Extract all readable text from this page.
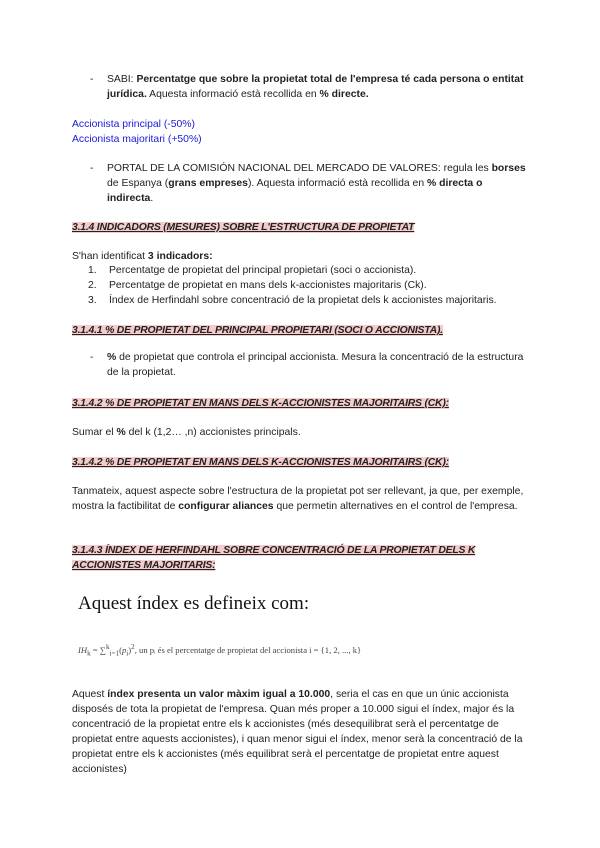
- SABI: Percentatge que sobre la propietat total de l'empresa té cada persona o entitat jurídica. Aquesta informació està recollida en % directe.
Accionista principal (-50%)
Accionista majoritari (+50%)
- PORTAL DE LA COMISIÓN NACIONAL DEL MERCADO DE VALORES: regula les borses de Espanya (grans empreses). Aquesta informació està recollida en % directa o indirecta.
3.1.4 INDICADORS (MESURES) SOBRE L'ESTRUCTURA DE PROPIETAT
S'han identificat 3 indicadors:
1. Percentatge de propietat del principal propietari (soci o accionista).
2. Percentatge de propietat en mans dels k-accionistes majoritaris (Ck).
3. Índex de Herfindahl sobre concentració de la propietat dels k accionistes majoritaris.
3.1.4.1 % DE PROPIETAT DEL PRINCIPAL PROPIETARI (SOCI O ACCIONISTA).
- % de propietat que controla el principal accionista. Mesura la concentració de la estructura de la propietat.
3.1.4.2 % DE PROPIETAT EN MANS DELS K-ACCIONISTES MAJORITAIRS (CK):
Sumar el % del k (1,2… ,n) accionistes principals.
3.1.4.2 % DE PROPIETAT EN MANS DELS K-ACCIONISTES MAJORITAIRS (CK):
Tanmateix, aquest aspecte sobre l'estructura de la propietat pot ser rellevant, ja que, per exemple, mostra la factibilitat de configurar aliances que permetin alternatives en el control de l'empresa.
3.1.4.3 ÍNDEX DE HERFINDAHL SOBRE CONCENTRACIÓ DE LA PROPIETAT DELS K ACCIONISTES MAJORITARIS:
Aquest índex es defineix com:
$IH_k = \sum^k_{i=1}(p_i)^2$, un pᵢ és el percentatge de propietat del accionista i = {1, 2, ..., k}
Aquest índex presenta un valor màxim igual a 10.000, seria el cas en que un únic accionista disposés de tota la propietat de l'empresa. Quan més proper a 10.000 sigui el índex, major és la concentració de la propietat entre els k accionistes (més desequilibrat serà el percentatge de propietat entre aquests accionistes), i quan menor sigui el índex, menor serà la concentració de la propietat entre els k accionistes (més equilibrat serà el percentatge de propietat entre aquest accionistes)
